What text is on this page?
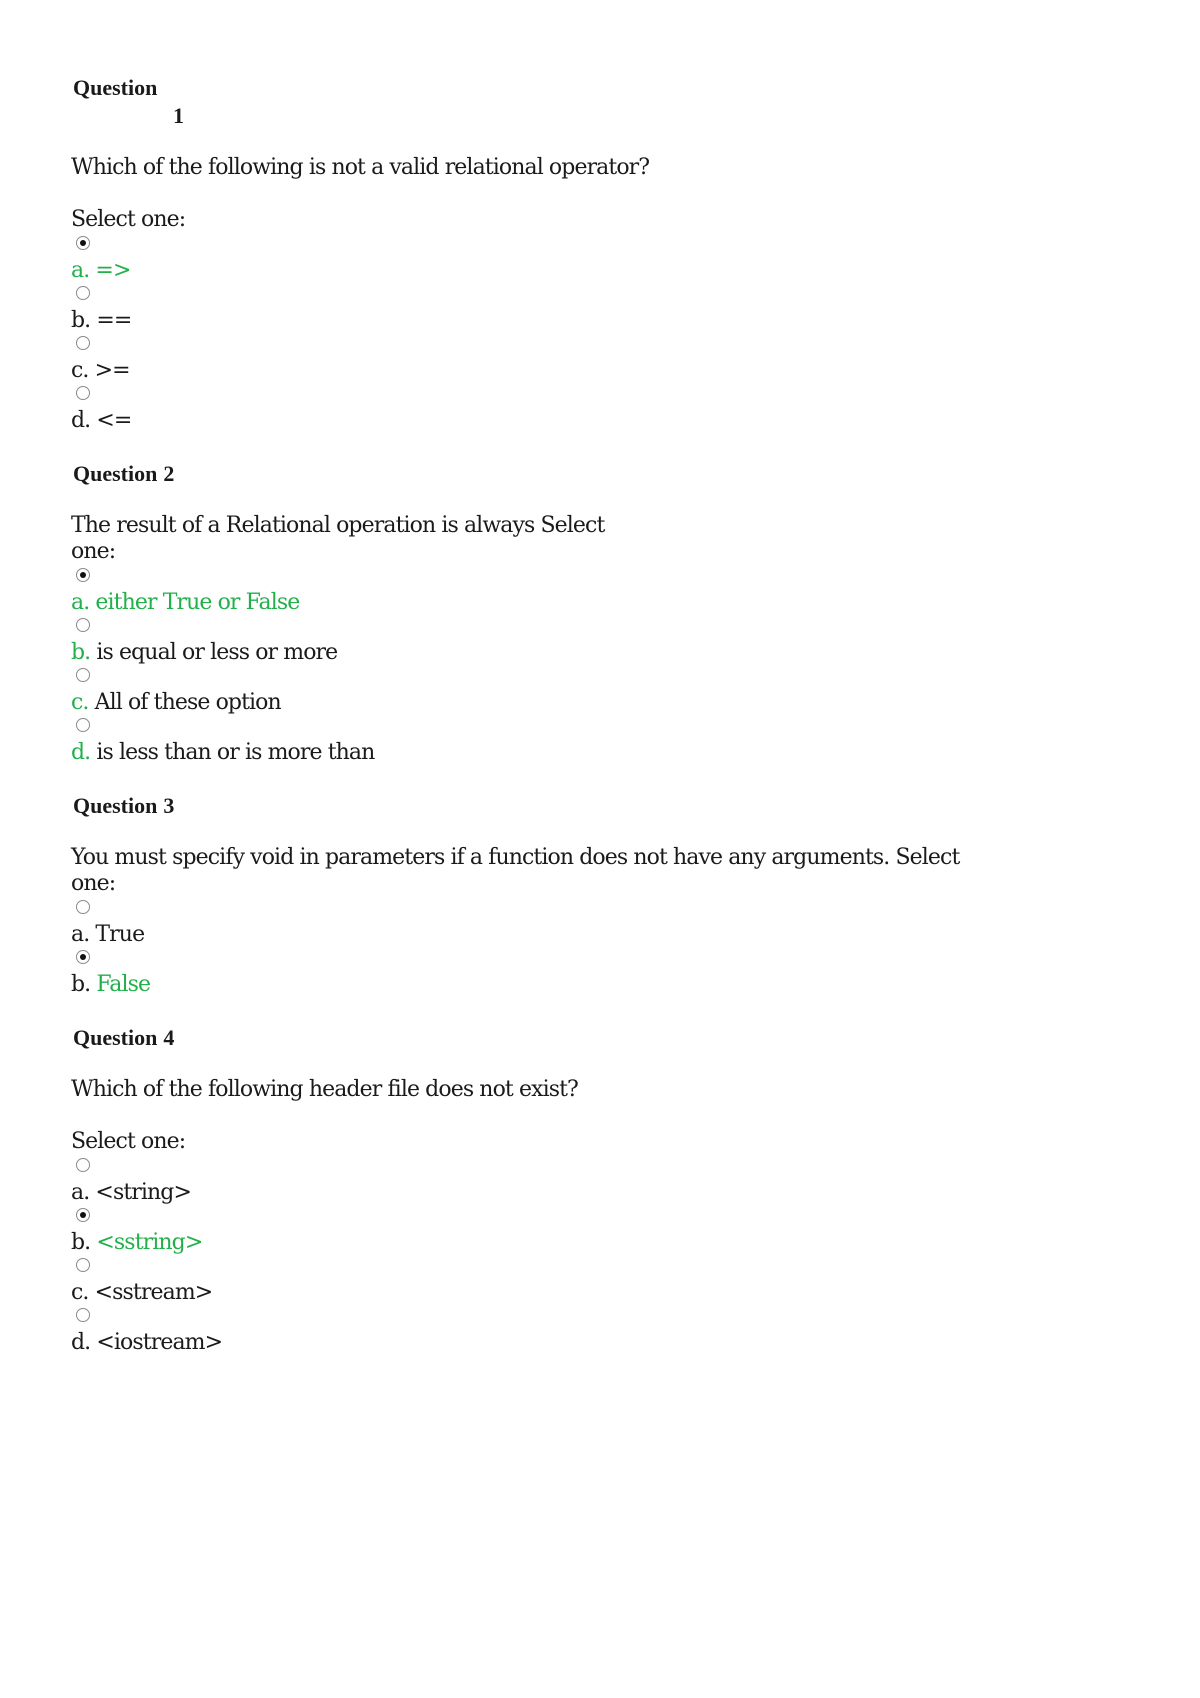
Question
1

Which of the following is not a valid relational operator?

Select one:

a. =>

b. ==

c. >=

d. <=

Question 2

The result of a Relational operation is always Select

one:

a. either True or False

b. is equal or less or more

c. All of these option

d. is less than or is more than

Question 3

You must specify void in parameters if a function does not have any arguments. Select

one:

a. True

b. False

Question 4

Which of the following header file does not exist?

Select one:

a. <string>

b. <sstring>

c. <sstream>

d. <iostream>
